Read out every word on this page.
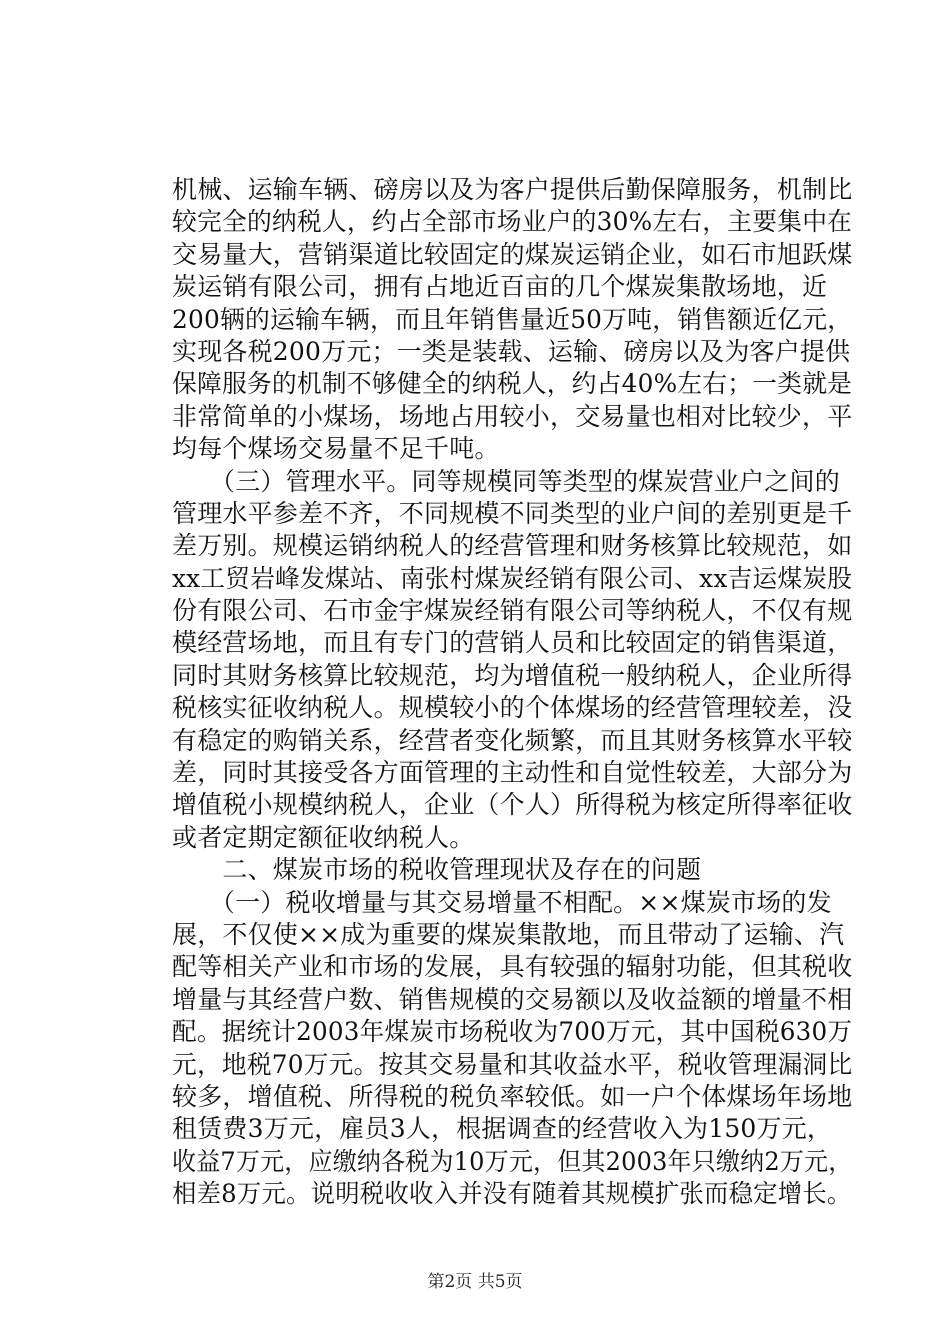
机械、运输车辆、磅房以及为客户提供后勤保障服务，机制比
较完全的纳税人，约占全部市场业户的30%左右，主要集中在
交易量大，营销渠道比较固定的煤炭运销企业，如石市旭跃煤
炭运销有限公司，拥有占地近百亩的几个煤炭集散场地，近
200辆的运输车辆，而且年销售量近50万吨，销售额近亿元，
实现各税200万元；一类是装载、运输、磅房以及为客户提供
保障服务的机制不够健全的纳税人，约占40%左右；一类就是
非常简单的小煤场，场地占用较小，交易量也相对比较少，平
均每个煤场交易量不足千吨。
　　（三）管理水平。同等规模同等类型的煤炭营业户之间的
管理水平参差不齐，不同规模不同类型的业户间的差别更是千
差万别。规模运销纳税人的经营管理和财务核算比较规范，如
xx工贸岩峰发煤站、南张村煤炭经销有限公司、xx吉运煤炭股
份有限公司、石市金宇煤炭经销有限公司等纳税人，不仅有规
模经营场地，而且有专门的营销人员和比较固定的销售渠道，
同时其财务核算比较规范，均为增值税一般纳税人，企业所得
税核实征收纳税人。规模较小的个体煤场的经营管理较差，没
有稳定的购销关系，经营者变化频繁，而且其财务核算水平较
差，同时其接受各方面管理的主动性和自觉性较差，大部分为
增值税小规模纳税人，企业（个人）所得税为核定所得率征收
或者定期定额征收纳税人。
　　二、煤炭市场的税收管理现状及存在的问题
　　（一）税收增量与其交易增量不相配。××煤炭市场的发
展，不仅使××成为重要的煤炭集散地，而且带动了运输、汽
配等相关产业和市场的发展，具有较强的辐射功能，但其税收
增量与其经营户数、销售规模的交易额以及收益额的增量不相
配。据统计2003年煤炭市场税收为700万元，其中国税630万
元，地税70万元。按其交易量和其收益水平，税收管理漏洞比
较多，增值税、所得税的税负率较低。如一户个体煤场年场地
租赁费3万元，雇员3人，根据调查的经营收入为150万元，
收益7万元，应缴纳各税为10万元，但其2003年只缴纳2万元，
相差8万元。说明税收收入并没有随着其规模扩张而稳定增长。
第2页 共5页
